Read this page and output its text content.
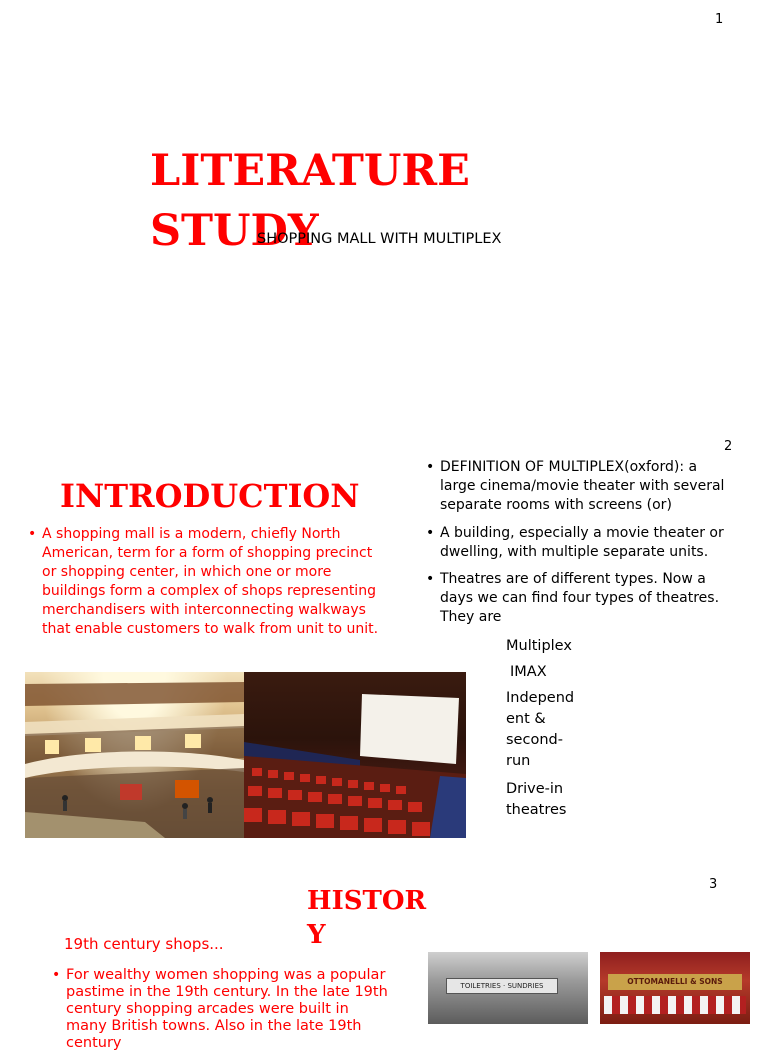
1
LITERATURE
STUDY
SHOPPING MALL WITH MULTIPLEX
2
INTRODUCTION
• A shopping mall is a modern, chiefly North American, term for a form of shopping precinct or shopping center, in which one or more buildings form a complex of shops representing merchandisers with interconnecting walkways that enable customers to walk from unit to unit.
• DEFINITION OF MULTIPLEX(oxford): a large cinema/movie theater with several separate rooms with screens (or)
• A building, especially a movie theater or dwelling, with multiple separate units.
• Theatres are of different types. Now a days we can find four types of theatres. They are
Multiplex
IMAX
Independ ent & second- run
Drive-in theatres
3
HISTOR
Y
19th century shops...
• For wealthy women shopping was a popular pastime in the 19th century. In the late 19th century shopping arcades were built in many British towns. Also in the late 19th century
TOILETRIES · SUNDRIES	OTTOMANELLI & SONS
